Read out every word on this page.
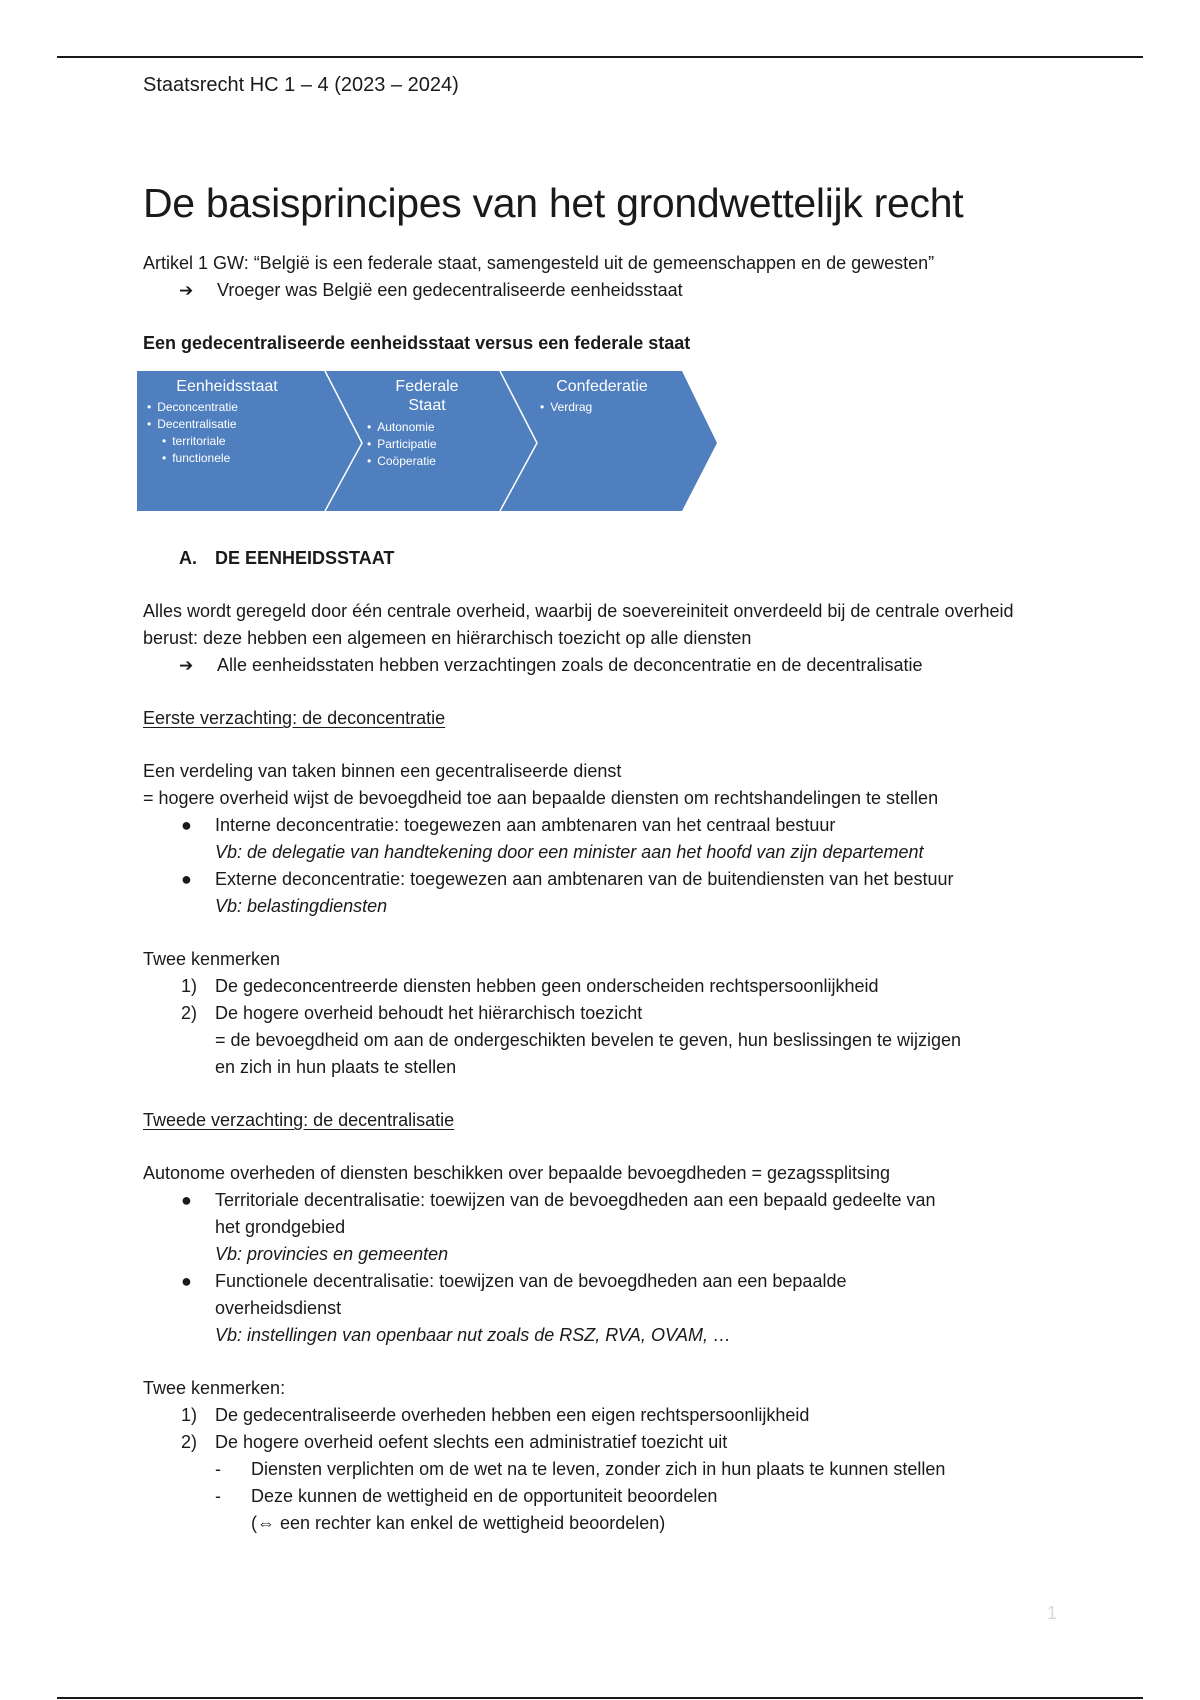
Staatsrecht HC 1 – 4 (2023 – 2024)

De basisprincipes van het grondwettelijk recht

Artikel 1 GW: “België is een federale staat, samengesteld uit de gemeenschappen en de gewesten”

➔	Vroeger was België een gedecentraliseerde eenheidsstaat

Een gedecentraliseerde eenheidsstaat versus een federale staat

Eenheidsstaat
• Deconcentratie
• Decentralisatie
• territoriale
• functionele
Federale
Staat
• Autonomie
• Participatie
• Coöperatie
Confederatie
• Verdrag

A. DE EENHEIDSSTAAT

Alles wordt geregeld door één centrale overheid, waarbij de soevereiniteit onverdeeld bij de centrale overheid berust: deze hebben een algemeen en hiërarchisch toezicht op alle diensten

➔	Alle eenheidsstaten hebben verzachtingen zoals de deconcentratie en de decentralisatie

Eerste verzachting: de deconcentratie

Een verdeling van taken binnen een gecentraliseerde dienst

= hogere overheid wijst de bevoegdheid toe aan bepaalde diensten om rechtshandelingen te stellen

● Interne deconcentratie: toegewezen aan ambtenaren van het centraal bestuur
Vb: de delegatie van handtekening door een minister aan het hoofd van zijn departement
● Externe deconcentratie: toegewezen aan ambtenaren van de buitendiensten van het bestuur
Vb: belastingdiensten

Twee kenmerken

1) De gedeconcentreerde diensten hebben geen onderscheiden rechtspersoonlijkheid
2) De hogere overheid behoudt het hiërarchisch toezicht
= de bevoegdheid om aan de ondergeschikten bevelen te geven, hun beslissingen te wijzigen
en zich in hun plaats te stellen

Tweede verzachting: de decentralisatie

Autonome overheden of diensten beschikken over bepaalde bevoegdheden = gezagssplitsing

● Territoriale decentralisatie: toewijzen van de bevoegdheden aan een bepaald gedeelte van
het grondgebied
Vb: provincies en gemeenten
● Functionele decentralisatie: toewijzen van de bevoegdheden aan een bepaalde
overheidsdienst
Vb: instellingen van openbaar nut zoals de RSZ, RVA, OVAM, …

Twee kenmerken:

1) De gedecentraliseerde overheden hebben een eigen rechtspersoonlijkheid
2) De hogere overheid oefent slechts een administratief toezicht uit
- Diensten verplichten om de wet na te leven, zonder zich in hun plaats te kunnen stellen
- Deze kunnen de wettigheid en de opportuniteit beoordelen
(⇔ een rechter kan enkel de wettigheid beoordelen)
1
